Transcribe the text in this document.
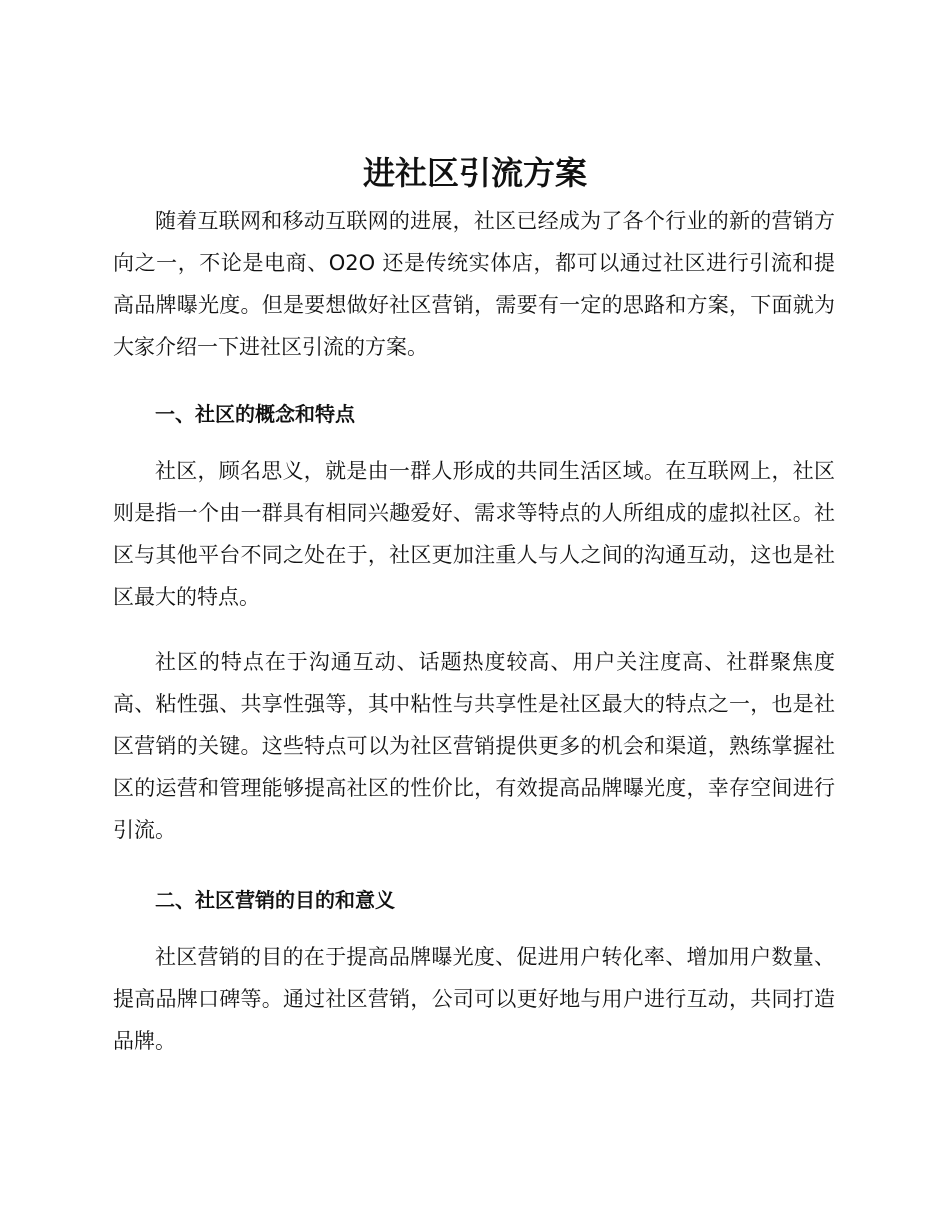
进社区引流方案

随着互联网和移动互联网的进展，社区已经成为了各个行业的新的营销方向之一，不论是电商、O2O 还是传统实体店，都可以通过社区进行引流和提高品牌曝光度。但是要想做好社区营销，需要有一定的思路和方案，下面就为大家介绍一下进社区引流的方案。

一、社区的概念和特点

社区，顾名思义，就是由一群人形成的共同生活区域。在互联网上，社区则是指一个由一群具有相同兴趣爱好、需求等特点的人所组成的虚拟社区。社区与其他平台不同之处在于，社区更加注重人与人之间的沟通互动，这也是社区最大的特点。

社区的特点在于沟通互动、话题热度较高、用户关注度高、社群聚焦度高、粘性强、共享性强等，其中粘性与共享性是社区最大的特点之一，也是社区营销的关键。这些特点可以为社区营销提供更多的机会和渠道，熟练掌握社区的运营和管理能够提高社区的性价比，有效提高品牌曝光度，幸存空间进行引流。

二、社区营销的目的和意义

社区营销的目的在于提高品牌曝光度、促进用户转化率、增加用户数量、提高品牌口碑等。通过社区营销，公司可以更好地与用户进行互动，共同打造品牌。
